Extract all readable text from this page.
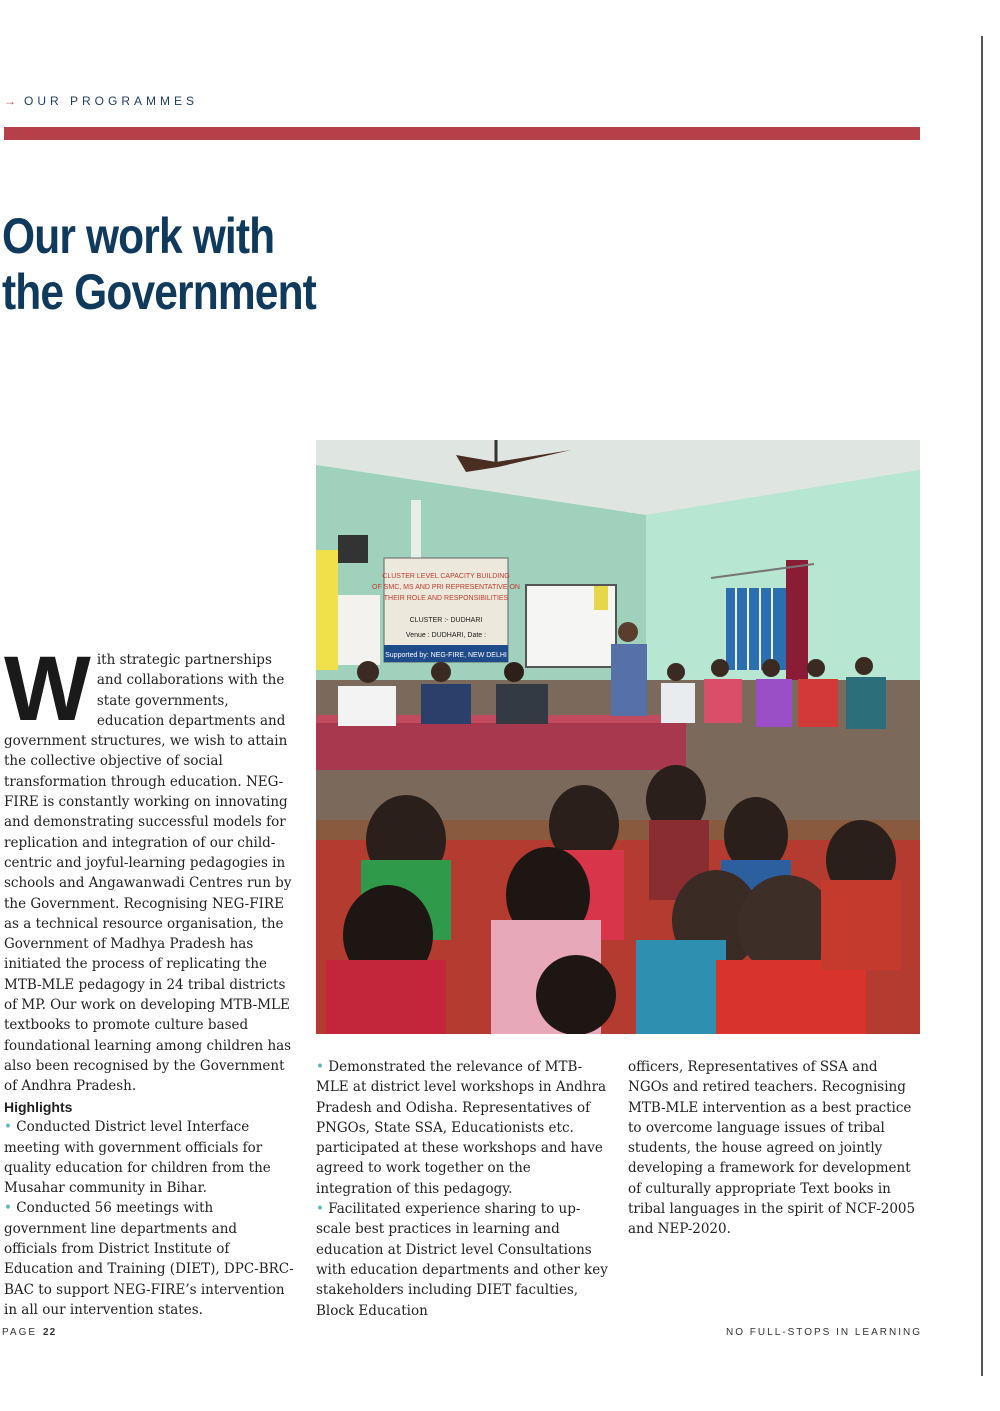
→ OUR PROGRAMMES
Our work with
the Government
CLUSTER LEVEL CAPACITY BUILDING
OF SMC, MS AND PRI REPRESENTATIVE ON
THEIR ROLE AND RESPONSIBILITIES
CLUSTER :- DUDHARI
Venue : DUDHARI, Date :
Supported by: NEG-FIRE, NEW DELHI
With strategic partnerships and collaborations with the state governments, education departments and government structures, we wish to attain the collective objective of social transformation through education. NEG-FIRE is constantly working on innovating and demonstrating successful models for replication and integration of our child-centric and joyful-learning pedagogies in schools and Angawanwadi Centres run by the Government. Recognising NEG-FIRE as a technical resource organisation, the Government of Madhya Pradesh has initiated the process of replicating the MTB-MLE pedagogy in 24 tribal districts of MP. Our work on developing MTB-MLE textbooks to promote culture based foundational learning among children has also been recognised by the Government of Andhra Pradesh.

Highlights

• Conducted District level Interface meeting with government officials for quality education for children from the Musahar community in Bihar.

• Conducted 56 meetings with government line departments and officials from District Institute of Education and Training (DIET), DPC-BRC-BAC to support NEG-FIRE’s intervention in all our intervention states.

• Demonstrated the relevance of MTB-MLE at district level workshops in Andhra Pradesh and Odisha. Representatives of PNGOs, State SSA, Educationists etc. participated at these workshops and have agreed to work together on the integration of this pedagogy.

• Facilitated experience sharing to up-scale best practices in learning and education at District level Consultations with education departments and other key stakeholders including DIET faculties, Block Education

officers, Representatives of SSA and NGOs and retired teachers. Recognising MTB-MLE intervention as a best practice to overcome language issues of tribal students, the house agreed on jointly developing a framework for development of culturally appropriate Text books in tribal languages in the spirit of NCF-2005 and NEP-2020.

PAGE 22	NO FULL-STOPS IN LEARNING
